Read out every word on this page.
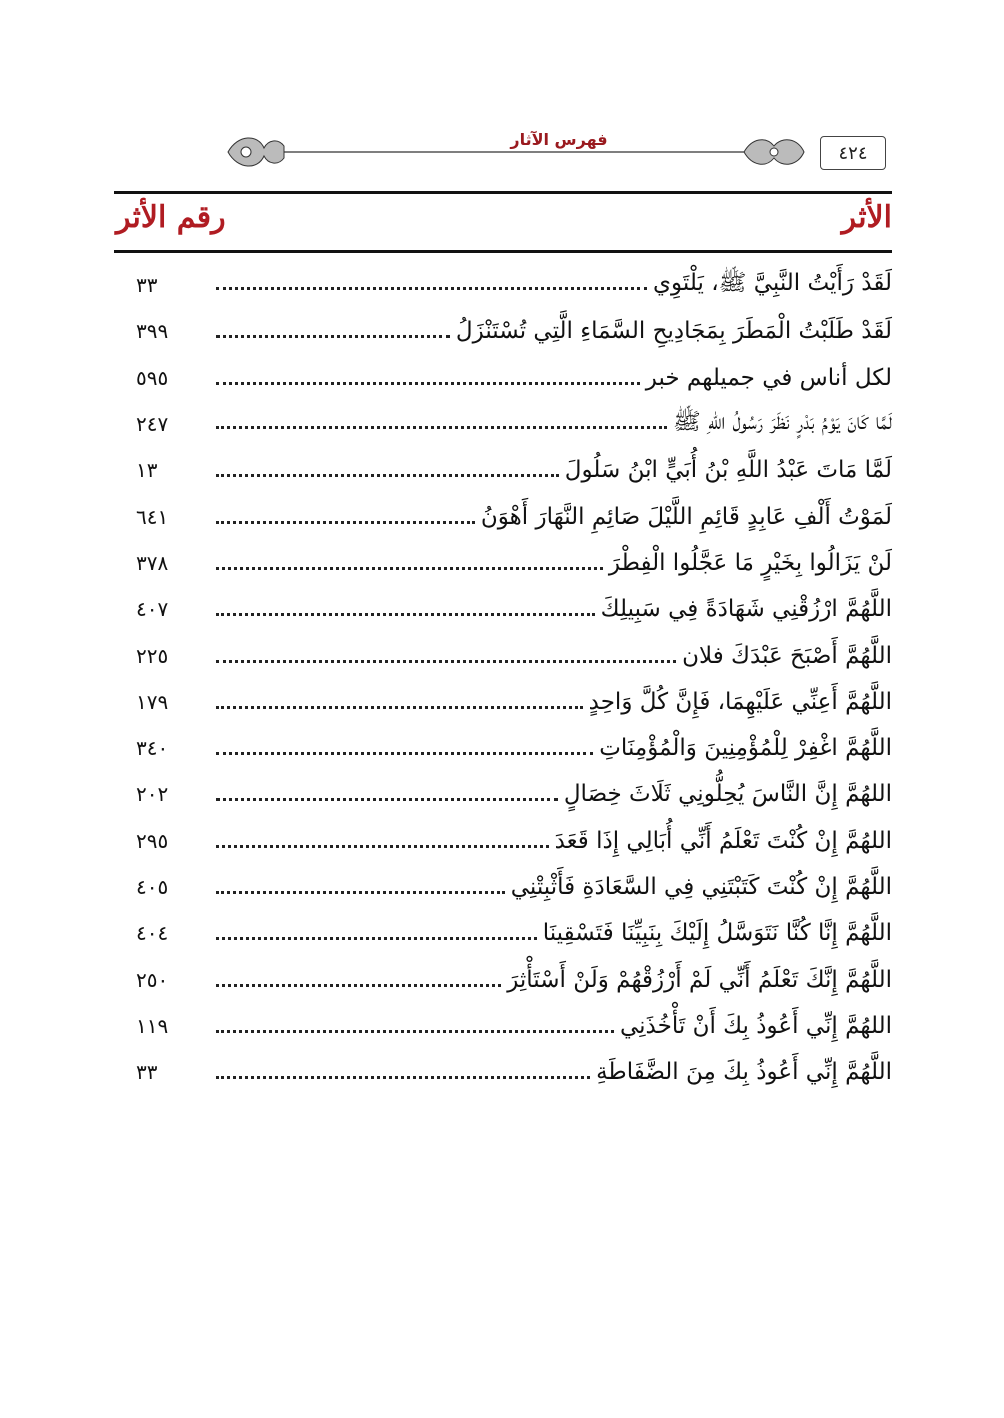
فهرس الآثار
٤٢٤
الأثر
رقم الأثر
٣٣	لَقَدْ رَأَيْتُ النَّبِيَّ ﷺ، يَلْتَوِي
٣٩٩	لَقَدْ طَلَبْتُ الْمَطَرَ بِمَجَادِيحِ السَّمَاءِ الَّتِي تُسْتَنْزَلُ
٥٩٥	لكل أناس في جميلهم خبر
٢٤٧	لَمَّا كَانَ يَوْمُ بَدْرٍ نَظَرَ رَسُولُ اللهِ ﷺ
١٣	لَمَّا مَاتَ عَبْدُ اللَّهِ بْنُ أُبَيٍّ ابْنُ سَلُولَ
٦٤١	لَمَوْتُ أَلْفِ عَابِدٍ قَائِمِ اللَّيْلَ صَائِمِ النَّهَارَ أَهْوَنُ
٣٧٨	لَنْ يَزَالُوا بِخَيْرٍ مَا عَجَّلُوا الْفِطْرَ
٤٠٧	اللَّهُمَّ ارْزُقْنِي شَهَادَةً فِي سَبِيلِكَ
٢٢٥	اللَّهُمَّ أَصْبَحَ عَبْدَكَ فلان
١٧٩	اللَّهُمَّ أَعِنِّي عَلَيْهِمَا، فَإِنَّ كُلَّ وَاحِدٍ
٣٤٠	اللَّهُمَّ اغْفِرْ لِلْمُؤْمِنِينَ وَالْمُؤْمِنَاتِ
٢٠٢	اللهُمَّ إِنَّ النَّاسَ يُحِلُّونِي ثَلَاثَ خِصَالٍ
٢٩٥	اللهُمَّ إِنْ كُنْتَ تَعْلَمُ أَنِّي أُبَالِي إِذَا قَعَدَ
٤٠٥	اللَّهُمَّ إِنْ كُنْتَ كَتَبْتَنِي فِي السَّعَادَةِ فَأَثْبِتْنِي
٤٠٤	اللَّهُمَّ إِنَّا كُنَّا نَتَوَسَّلُ إِلَيْكَ بِنَبِيِّنَا فَتَسْقِينَا
٢٥٠	اللَّهُمَّ إِنَّكَ تَعْلَمُ أَنِّي لَمْ أَرْزُقْهُمْ وَلَنْ أَسْتَأْثِرَ
١١٩	اللهُمَّ إِنِّي أَعُوذُ بِكَ أَنْ تَأْخُذَنِي
٣٣	اللَّهُمَّ إِنِّي أَعُوذُ بِكَ مِنَ الضَّفَاطَةِ
